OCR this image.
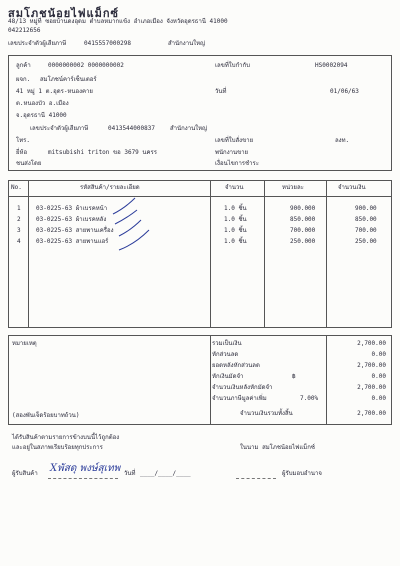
สมโภชน้อยไฟแม็กซ์
48/13 หมู่ที่ ซอยบ้านดงอุดม ตำบลหมากแข้ง อำเภอเมือง จังหวัดอุดรธานี 41000
042212656
เลขประจำตัวผู้เสียภาษี	0415557000298	สำนักงานใหญ่
ลูกค้า	0000000002 0000000002
ผจก. สมโภชน์คาร์เซ็นเตอร์
41 หมู่ 1 ต.อุดร-หนองคาย
ต.หนองบัว อ.เมือง
จ.อุดรธานี 41000
เลขประจำตัวผู้เสียภาษี	0413544000837	สำนักงานใหญ่
โทร.
ยี่ห้อ	mitsubishi triton ขอ 3679 นครร
ชนส่งโดย
เลขที่ใบกำกับ	HS0002094
วันที่	01/06/63
เลขที่ใบสั่งขาย	ลงท.
พนักงานขาย
เงื่อนไขการชำระ
No.	รหัสสินค้า/รายละเอียด	จำนวน	หน่วยละ	จำนวนเงิน
1	03-0225-63 ผ้าเบรคหน้า	1.0 ชิ้น	900.000	900.00
2	03-0225-63 ผ้าเบรคหลัง	1.0 ชิ้น	850.000	850.00
3	03-0225-63 สายพานเครื่อง	1.0 ชิ้น	700.000	700.00
4	03-0225-63 สายพานแอร์	1.0 ชิ้น	250.000	250.00
หมายเหตุ
(สองพันเจ็ดร้อยบาทถ้วน)
รวมเป็นเงิน	2,700.00
หักส่วนลด	0.00
ยอดหลังหักส่วนลด	2,700.00
หักเงินมัดจำ	฿	0.00
จำนวนเงินหลังหักมัดจำ	2,700.00
จำนวนภาษีมูลค่าเพิ่ม	7.00%	0.00
จำนวนเงินรวมทั้งสิ้น	2,700.00
ได้รับสินค้าตามรายการข้างบนนี้ไว้ถูกต้อง
และอยู่ในสภาพเรียบร้อยทุกประการ	ในนาม สมโภชน้อยไฟแม็กซ์
ผู้รับสินค้า Xพัสดุ พงษ์สุเทพ วันที่ ____/____/____	ผู้รับมอบอำนาจ
